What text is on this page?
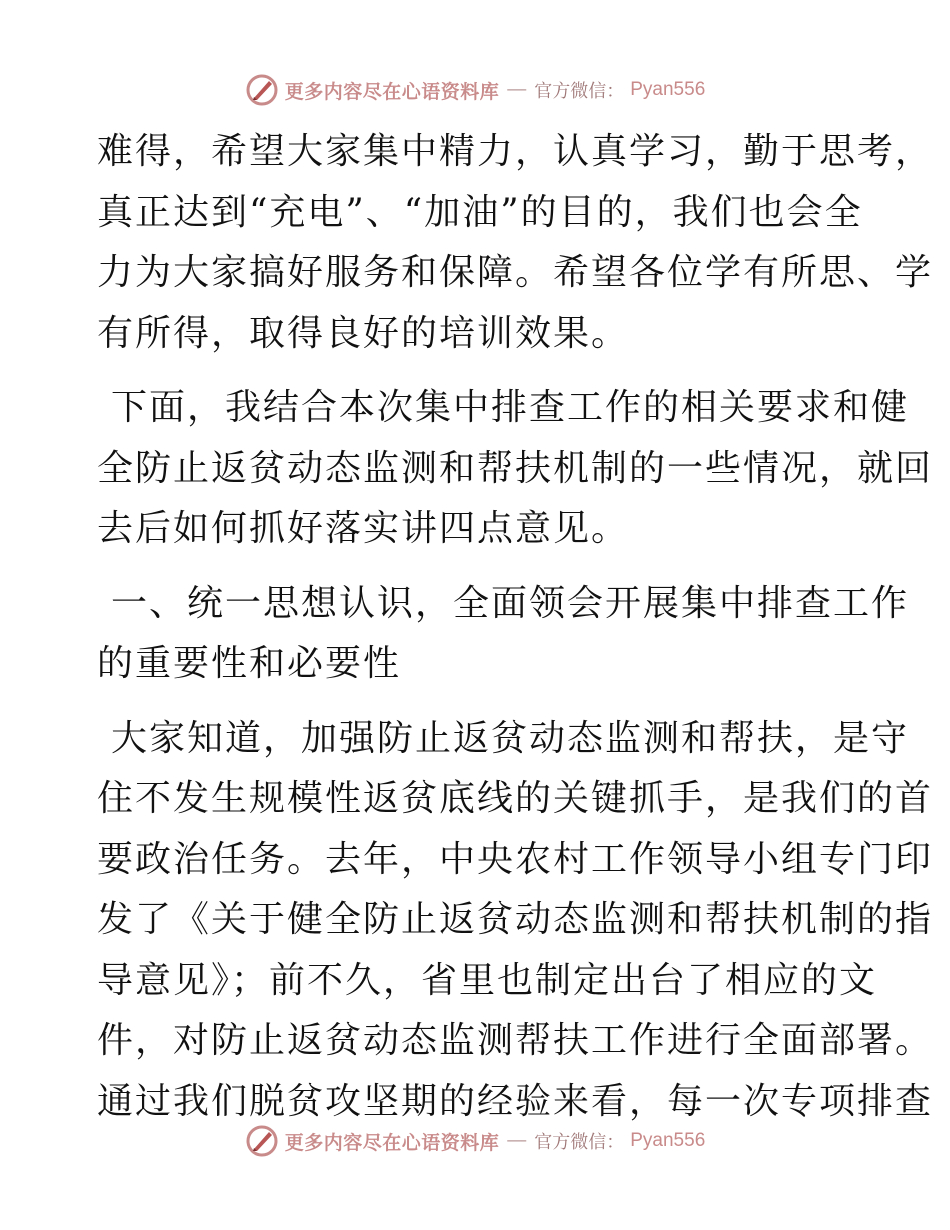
更多内容尽在心语资料库 — 官方微信： Pyan556

难得，希望大家集中精力，认真学习，勤于思考，
真正达到“充电”、“加油”的目的，我们也会全
力为大家搞好服务和保障。希望各位学有所思、学
有所得，取得良好的培训效果。

下面，我结合本次集中排查工作的相关要求和健
全防止返贫动态监测和帮扶机制的一些情况，就回
去后如何抓好落实讲四点意见。

一、统一思想认识，全面领会开展集中排查工作
的重要性和必要性

大家知道，加强防止返贫动态监测和帮扶，是守
住不发生规模性返贫底线的关键抓手，是我们的首
要政治任务。去年，中央农村工作领导小组专门印
发了《关于健全防止返贫动态监测和帮扶机制的指
导意见》；前不久，省里也制定出台了相应的文
件，对防止返贫动态监测帮扶工作进行全面部署。
通过我们脱贫攻坚期的经验来看，每一次专项排查

更多内容尽在心语资料库 — 官方微信： Pyan556
